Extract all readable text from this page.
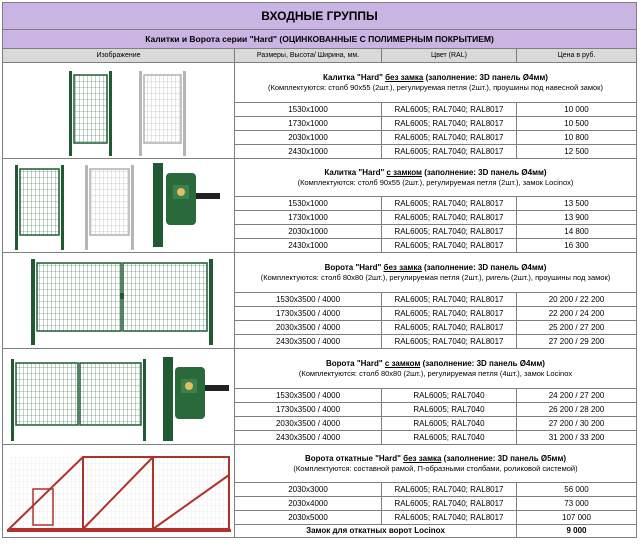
ВХОДНЫЕ ГРУППЫ			
Калитки и Ворота серии "Hard" (ОЦИНКОВАННЫЕ С ПОЛИМЕРНЫМ ПОКРЫТИЕМ)			
Изображение	Размеры, Высота/ Ширина, мм.	Цвет (RAL)	Цена в руб.

	Калитка "Hard" без замка (заполнение: 3D панель Ø4мм)
(Комплектуются: столб 90х55 (2шт.), регулируемая петля (2шт.), проушины под навесной замок)		
	1530х1000	RAL6005; RAL7040; RAL8017	10 000
	1730х1000	RAL6005; RAL7040; RAL8017	10 500
	2030х1000	RAL6005; RAL7040; RAL8017	10 800
	2430х1000	RAL6005; RAL7040; RAL8017	12 500

	Калитка "Hard" с замком (заполнение: 3D панель Ø4мм)
(Комплектуются: столб 90х55 (2шт.), регулируемая петля (2шт.), замок Locinox)		
	1530х1000	RAL6005; RAL7040; RAL8017	13 500
	1730х1000	RAL6005; RAL7040; RAL8017	13 900
	2030х1000	RAL6005; RAL7040; RAL8017	14 800
	2430х1000	RAL6005; RAL7040; RAL8017	16 300

	Ворота "Hard" без замка (заполнение: 3D панель Ø4мм)
(Комплектуются: столб 80х80 (2шт.), регулируемая петля (2шт.), ригель (2шт.), проушины под замок)		
	1530х3500 / 4000	RAL6005; RAL7040; RAL8017	20 200 / 22 200
	1730х3500 / 4000	RAL6005; RAL7040; RAL8017	22 200 / 24 200
	2030х3500 / 4000	RAL6005; RAL7040; RAL8017	25 200 / 27 200
	2430х3500 / 4000	RAL6005; RAL7040; RAL8017	27 200 / 29 200

	Ворота "Hard" с замком (заполнение: 3D панель Ø4мм)
(Комплектуются: столб 80х80 (2шт.), регулируемая петля (4шт.), замок Locinox		
	1530х3500 / 4000	RAL6005; RAL7040	24 200 / 27 200
	1730х3500 / 4000	RAL6005; RAL7040	26 200 / 28 200
	2030х3500 / 4000	RAL6005; RAL7040	27 200 / 30 200
	2430х3500 / 4000	RAL6005; RAL7040	31 200 / 33 200

	Ворота откатные "Hard" без замка (заполнение: 3D панель Ø5мм)
(Комплектуются: составной рамой, П-образными столбами, роликовой системой)		
	2030х3000	RAL6005; RAL7040; RAL8017	56 000
	2030х4000	RAL6005; RAL7040; RAL8017	73 000
	2030х5000	RAL6005; RAL7040; RAL8017	107 000
	Замок для откатных ворот Locinox		9 000
